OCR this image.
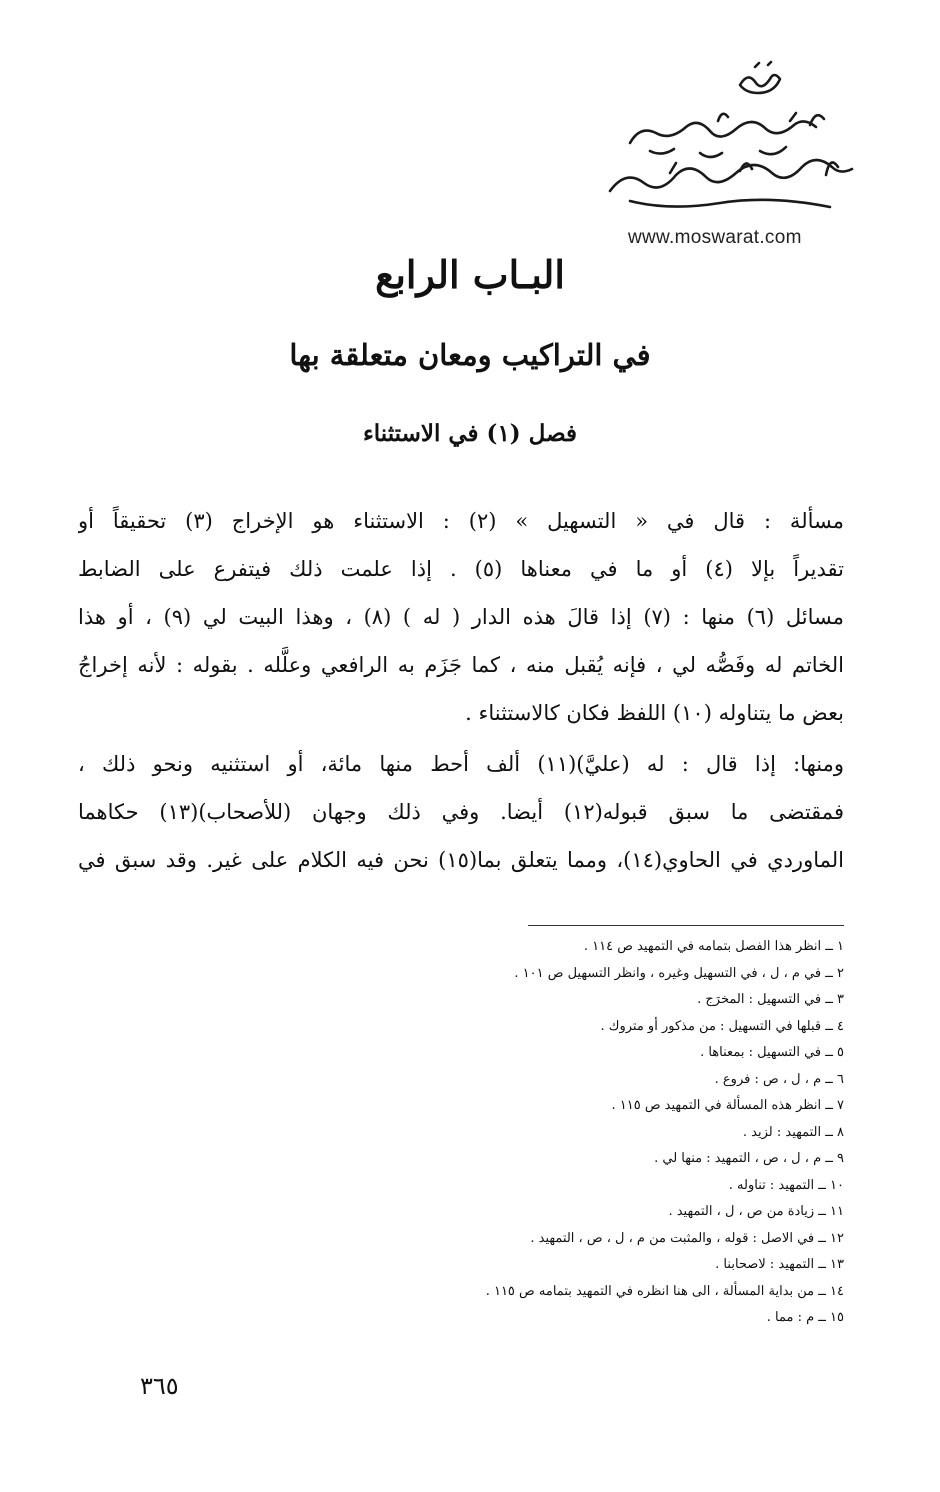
www.moswarat.com
البـاب الرابع
في التراكيب ومعان متعلقة بها
فصل (١) في الاستثناء
مسألة : قال في « التسهيل » (٢) : الاستثناء هو الإخراج (٣) تحقيقاً أو
تقديراً بإلا (٤) أو ما في معناها (٥) . إذا علمت ذلك فيتفرع على الضابط
مسائل (٦) منها : (٧) إذا قالَ هذه الدار ( له ) (٨) ، وهذا البيت لي (٩) ، أو هذا
الخاتم له وفَصُّه لي ، فإنه يُقبل منه ، كما جَزَم به الرافعي وعلَّله . بقوله : لأنه إخراجُ
بعض ما يتناوله (١٠) اللفظ فكان كالاستثناء .
ومنها: إذا قال : له (عليَّ)(١١) ألف أحط منها مائة، أو استثنيه ونحو ذلك ،
فمقتضى ما سبق قبوله(١٢) أيضا. وفي ذلك وجهان (للأصحاب)(١٣) حكاهما
الماوردي في الحاوي(١٤)، ومما يتعلق بما(١٥) نحن فيه الكلام على غير. وقد سبق في
١ ــ انظر هذا الفصل بتمامه في التمهيد ص ١١٤ .
٢ ــ في م ، ل ، في التسهيل وغيره ، وانظر التسهيل ص ١٠١ .
٣ ــ في التسهيل : المخرَج .
٤ ــ قبلها في التسهيل : من مذكور أو متروك .
٥ ــ في التسهيل : بمعناها .
٦ ــ م ، ل ، ص : فروع .
٧ ــ انظر هذه المسألة في التمهيد ص ١١٥ .
٨ ــ التمهيد : لزيد .
٩ ــ م ، ل ، ص ، التمهيد : منها لي .
١٠ ــ التمهيد : تناوله .
١١ ــ زيادة من ص ، ل ، التمهيد .
١٢ ــ في الاصل : قوله ، والمثبت من م ، ل ، ص ، التمهيد .
١٣ ــ التمهيد : لاصحابنا .
١٤ ــ من بداية المسألة ، الى هنا انظره في التمهيد بتمامه ص ١١٥ .
١٥ ــ م : مما .
٣٦٥
